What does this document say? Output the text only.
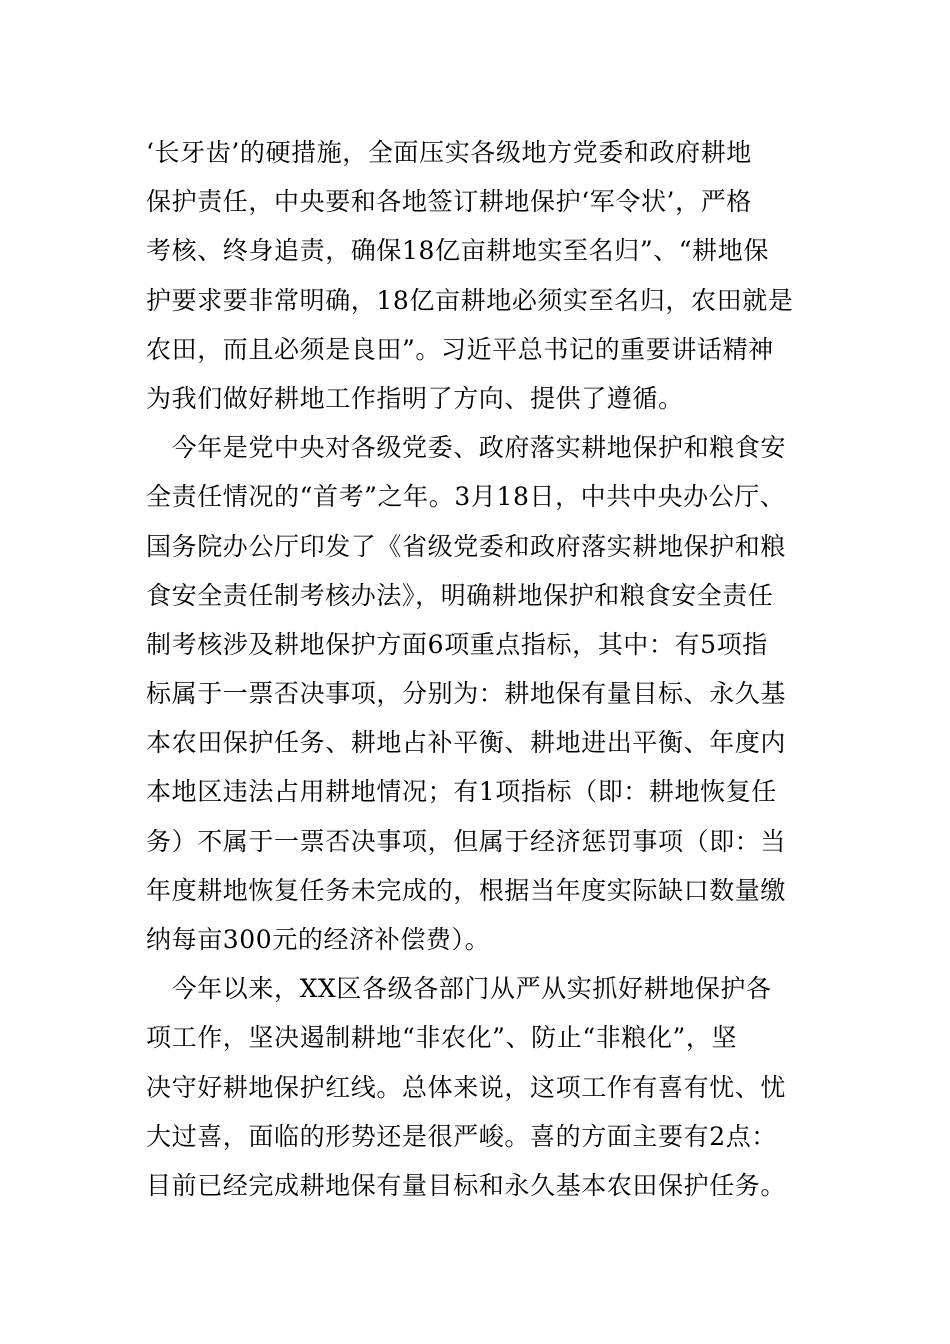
‘长牙齿’的硬措施，全面压实各级地方党委和政府耕地
保护责任，中央要和各地签订耕地保护‘军令状’，严格
考核、终身追责，确保18亿亩耕地实至名归”、“耕地保
护要求要非常明确，18亿亩耕地必须实至名归，农田就是
农田，而且必须是良田”。习近平总书记的重要讲话精神
为我们做好耕地工作指明了方向、提供了遵循。
　今年是党中央对各级党委、政府落实耕地保护和粮食安
全责任情况的“首考”之年。3月18日，中共中央办公厅、
国务院办公厅印发了《省级党委和政府落实耕地保护和粮
食安全责任制考核办法》，明确耕地保护和粮食安全责任
制考核涉及耕地保护方面6项重点指标，其中：有5项指
标属于一票否决事项，分别为：耕地保有量目标、永久基
本农田保护任务、耕地占补平衡、耕地进出平衡、年度内
本地区违法占用耕地情况；有1项指标（即：耕地恢复任
务）不属于一票否决事项，但属于经济惩罚事项（即：当
年度耕地恢复任务未完成的，根据当年度实际缺口数量缴
纳每亩300元的经济补偿费）。
　今年以来，XX区各级各部门从严从实抓好耕地保护各
项工作，坚决遏制耕地“非农化”、防止“非粮化”，坚
决守好耕地保护红线。总体来说，这项工作有喜有忧、忧
大过喜，面临的形势还是很严峻。喜的方面主要有2点：
目前已经完成耕地保有量目标和永久基本农田保护任务。
